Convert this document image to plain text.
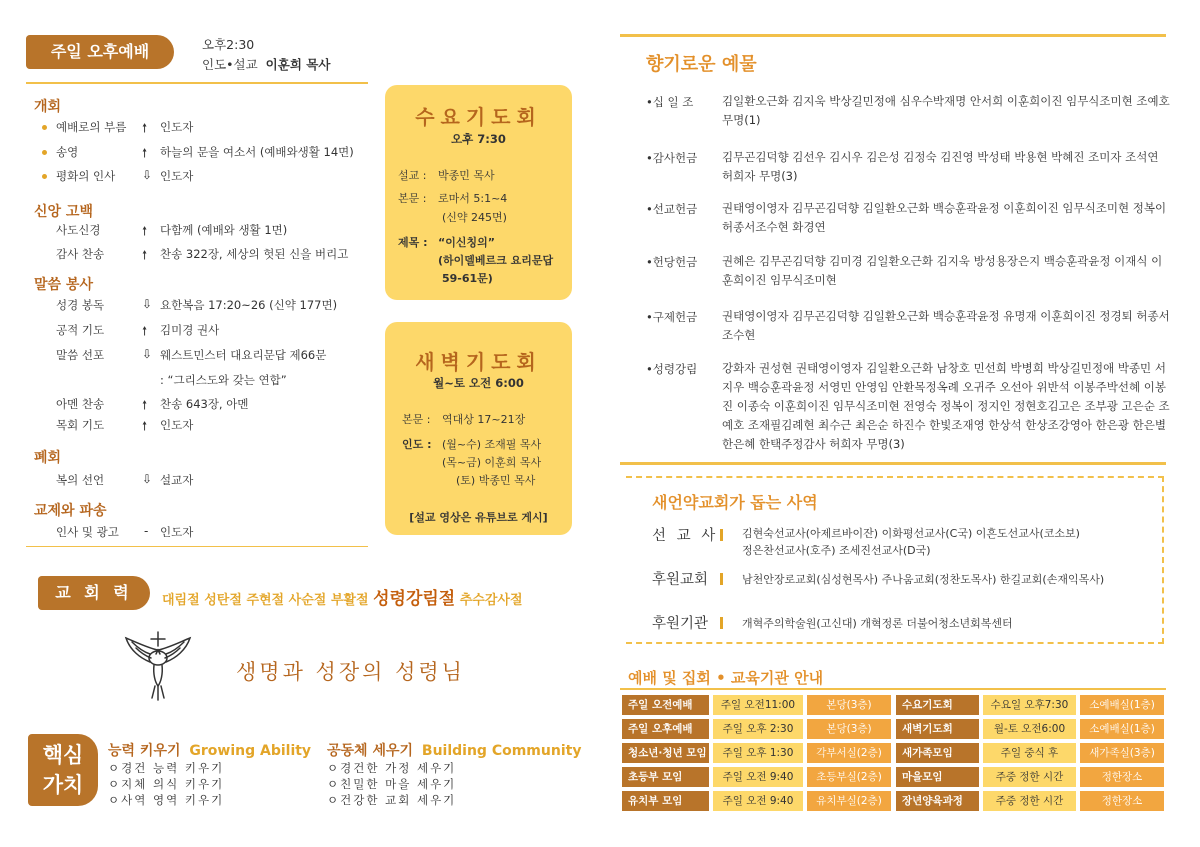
주일 오후예배	오후2:30
인도•설교 이훈희 목사
개회
예배로의 부름 🠕 인도자
송영	🠕 하늘의 문을 여소서 (예배와생활 14면)
평화의 인사 ⇩ 인도자
신앙 고백
사도신경	🠕 다함께 (예배와 생활 1면)
감사 찬송	🠕 찬송 322장, 세상의 헛된 신을 버리고
말씀 봉사
성경 봉독	⇩ 요한복음 17:20~26 (신약 177면)
공적 기도	🠕 김미경 권사
말씀 선포	⇩ 웨스트민스터 대요리문답 제66문
: “그리스도와 갖는 연합”
아멘 찬송	🠕 찬송 643장, 아멘
목회 기도	🠕 인도자
폐회
복의 선언	⇩ 설교자
교제와 파송
인사 및 광고 - 인도자
수요기도회
오후 7:30
설교 : 박종민 목사
본문 : 로마서 5:1~4
(신약 245면)
제목 : “이신칭의”
(하이델베르크 요리문답
59-61문)
새벽기도회
월~토 오전 6:00
본문 : 역대상 17~21장
인도 : (월~수) 조재필 목사
(목~금) 이훈희 목사
(토) 박종민 목사
[설교 영상은 유튜브로 게시]
교 회 력	대림절 성탄절 주현절 사순절 부활절 성령강림절 추수감사절
생명과 성장의 성령님
핵심
가치
능력 키우기 Growing Ability
ㅇ경건 능력 키우기
ㅇ지체 의식 키우기
ㅇ사역 영역 키우기
공동체 세우기 Building Community
ㅇ경건한 가정 세우기
ㅇ친밀한 마을 세우기
ㅇ건강한 교회 세우기
향기로운 예물
•십 일 조 김일환오근화 김지욱 박상길민정애 심우수박재명 안서희 이훈희이진 임무식조미현 조예호 무명(1)
•감사헌금 김무곤김덕향 김선우 김시우 김은성 김정숙 김진영 박성태 박용현 박혜진 조미자 조석연 허희자 무명(3)
•선교헌금 권태영이영자 김무곤김덕향 김일환오근화 백승훈곽윤정 이훈희이진 임무식조미현 정복이 허종서조수현 화경연
•헌당헌금 권혜은 김무곤김덕향 김미경 김일환오근화 김지욱 방성용장은지 백승훈곽윤정 이재식 이훈희이진 임무식조미현
•구제헌금 권태영이영자 김무곤김덕향 김일환오근화 백승훈곽윤정 유명재 이훈희이진 정경퇴 허종서조수현
•성령강림 강화자 권성현 권태영이영자 김일환오근화 남창호 민선희 박병희 박상길민정애 박종민 서지우 백승훈곽윤정 서영민 안영임 안환목정옥례 오귀주 오선아 위반석 이봉주박선혜 이봉진 이종숙 이훈희이진 임무식조미현 전영숙 정복이 정지인 정현호김고은 조부광 고은순 조예호 조재필김례현 최수근 최은순 하진수 한빛조재영 한상석 한상조강영아 한은광 한은별 한은혜 한택주정감사 허희자 무명(3)
새언약교회가 돕는 사역
선 교 사	김현숙선교사(아제르바이잔) 이화평선교사(C국) 이흔도선교사(코소보)
정은찬선교사(호주) 조세진선교사(D국)
후원교회	남천안장로교회(심성현목사) 주나움교회(정찬도목사) 한길교회(손재익목사)
후원기관	개혁주의학술원(고신대) 개혁정론 더불어청소년회복센터
예배 및 집회 • 교육기관 안내
주일 오전예배	주일 오전11:00	본당(3층)
주일 오후예배	주일 오후 2:30	본당(3층)
청소년·청년 모임	주일 오후 1:30	각부서실(2층)
초등부 모임	주일 오전 9:40	초등부실(2층)
유치부 모임	주일 오전 9:40	유치부실(2층)
수요기도회	수요일 오후7:30	소예배실(1층)
새벽기도회	월-토 오전6:00	소예배실(1층)
새가족모임	주일 중식 후	새가족실(3층)
마을모임	주중 정한 시간	정한장소
장년양육과정	주중 정한 시간	정한장소
